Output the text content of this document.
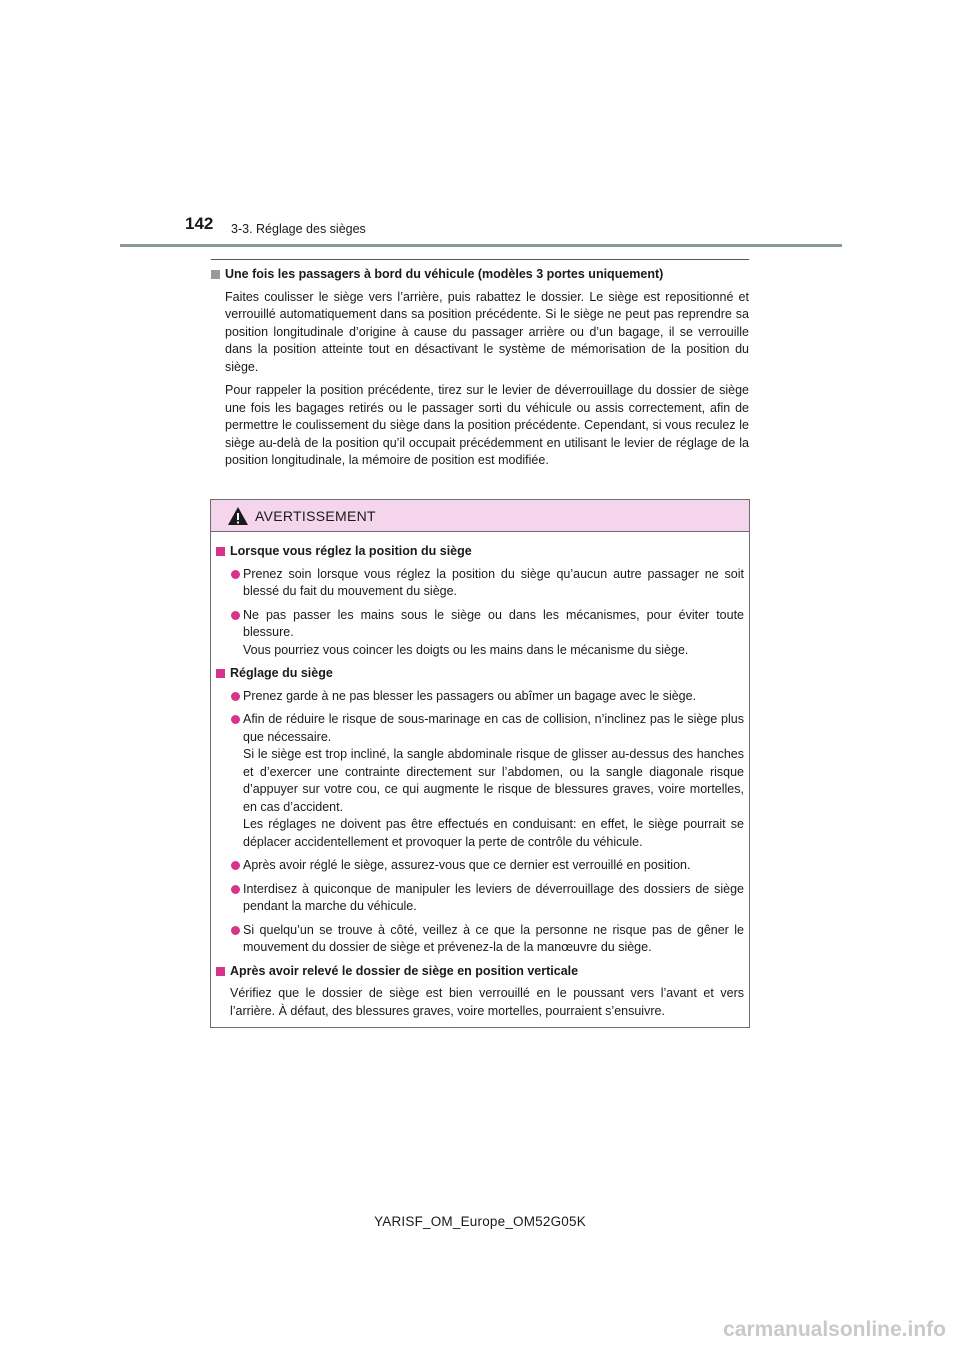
142 3-3. Réglage des sièges
Une fois les passagers à bord du véhicule (modèles 3 portes uniquement)

Faites coulisser le siège vers l’arrière, puis rabattez le dossier. Le siège est repositionné et verrouillé automatiquement dans sa position précédente. Si le siège ne peut pas reprendre sa position longitudinale d’origine à cause du passager arrière ou d’un bagage, il se verrouille dans la position atteinte tout en désactivant le système de mémorisation de la position du siège.

Pour rappeler la position précédente, tirez sur le levier de déverrouillage du dossier de siège une fois les bagages retirés ou le passager sorti du véhicule ou assis correctement, afin de permettre le coulissement du siège dans la position précédente. Cependant, si vous reculez le siège au-delà de la position qu’il occupait précédemment en utilisant le levier de réglage de la position longitudinale, la mémoire de position est modifiée.

AVERTISSEMENT
Lorsque vous réglez la position du siège
Prenez soin lorsque vous réglez la position du siège qu’aucun autre passager ne soit blessé du fait du mouvement du siège.
Ne pas passer les mains sous le siège ou dans les mécanismes, pour éviter toute blessure.
Vous pourriez vous coincer les doigts ou les mains dans le mécanisme du siège.
Réglage du siège
Prenez garde à ne pas blesser les passagers ou abîmer un bagage avec le siège.
Afin de réduire le risque de sous-marinage en cas de collision, n’inclinez pas le siège plus que nécessaire.
Si le siège est trop incliné, la sangle abdominale risque de glisser au-dessus des hanches et d’exercer une contrainte directement sur l’abdomen, ou la sangle diagonale risque d’appuyer sur votre cou, ce qui augmente le risque de blessures graves, voire mortelles, en cas d’accident.
Les réglages ne doivent pas être effectués en conduisant: en effet, le siège pourrait se déplacer accidentellement et provoquer la perte de contrôle du véhicule.
Après avoir réglé le siège, assurez-vous que ce dernier est verrouillé en position.
Interdisez à quiconque de manipuler les leviers de déverrouillage des dossiers de siège pendant la marche du véhicule.
Si quelqu’un se trouve à côté, veillez à ce que la personne ne risque pas de gêner le mouvement du dossier de siège et prévenez-la de la manœuvre du siège.
Après avoir relevé le dossier de siège en position verticale

Vérifiez que le dossier de siège est bien verrouillé en le poussant vers l’avant et vers l’arrière. À défaut, des blessures graves, voire mortelles, pourraient s’ensuivre.

YARISF_OM_Europe_OM52G05K
carmanualsonline.info
